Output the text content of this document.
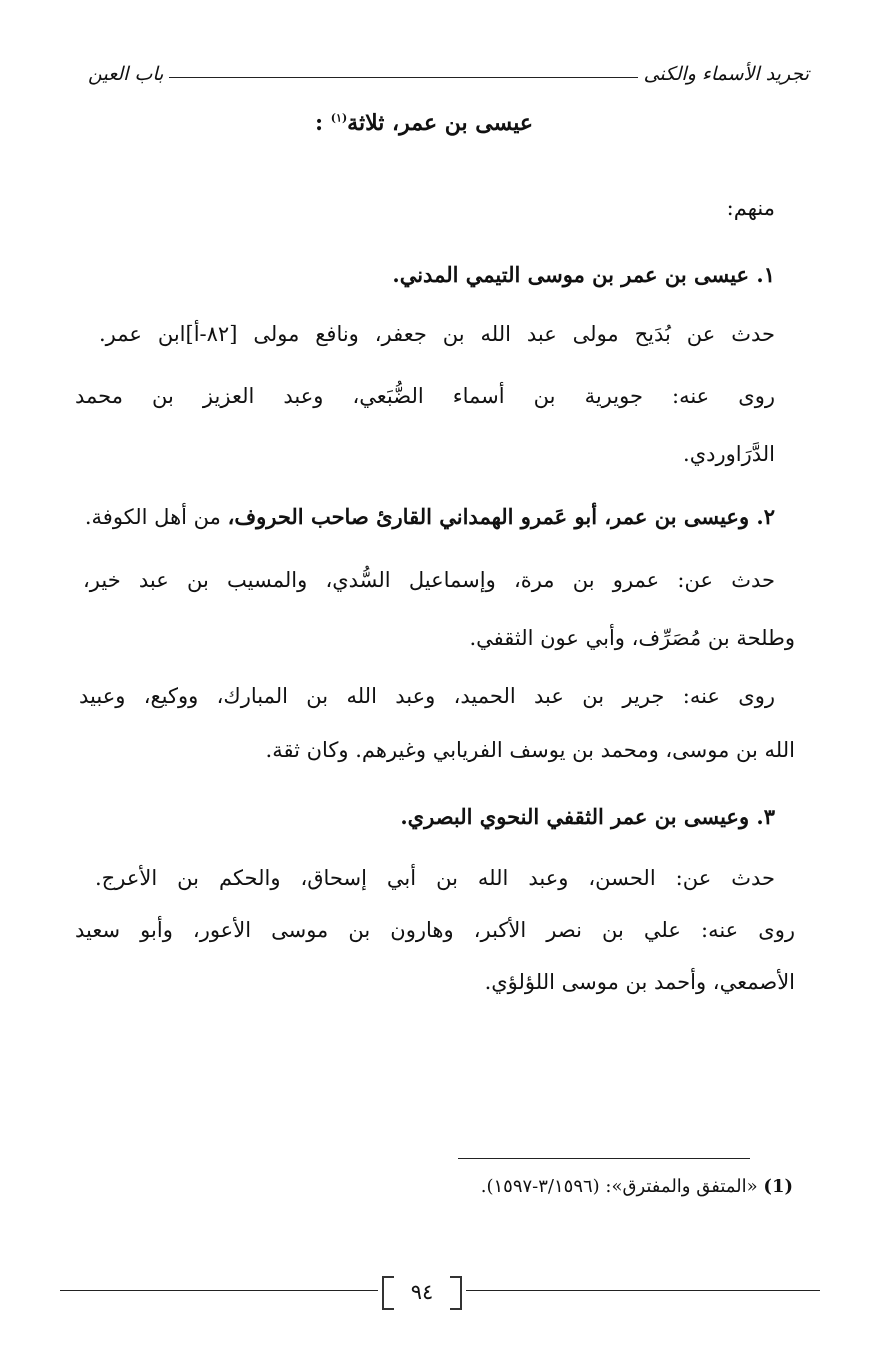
تجريد الأسماء والكنى
باب العين
عيسى بن عمر، ثلاثة$^{(١)}$ :
منهم:
١. عيسى بن عمر بن موسى التيمي المدني.
حدث عن بُدَيح مولى عبد الله بن جعفر، ونافع مولى [٨٢-أ]ابن عمر.
روى عنه: جويرية بن أسماء الضُّبَعي، وعبد العزيز بن محمد
الدَّرَاوردي.
٢. وعيسى بن عمر، أبو عَمرو الهمداني القارئ صاحب الحروف، من أهل الكوفة.
حدث عن: عمرو بن مرة، وإسماعيل السُّدي، والمسيب بن عبد خير،
وطلحة بن مُصَرِّف، وأبي عون الثقفي.
روى عنه: جرير بن عبد الحميد، وعبد الله بن المبارك، ووكيع، وعبيد
الله بن موسى، ومحمد بن يوسف الفريابي وغيرهم. وكان ثقة.
٣. وعيسى بن عمر الثقفي النحوي البصري.
حدث عن: الحسن، وعبد الله بن أبي إسحاق، والحكم بن الأعرج.
روى عنه: علي بن نصر الأكبر، وهارون بن موسى الأعور، وأبو سعيد
الأصمعي، وأحمد بن موسى اللؤلؤي.
(1) «المتفق والمفترق»: (٣/١٥٩٦-١٥٩٧).
٩٤
